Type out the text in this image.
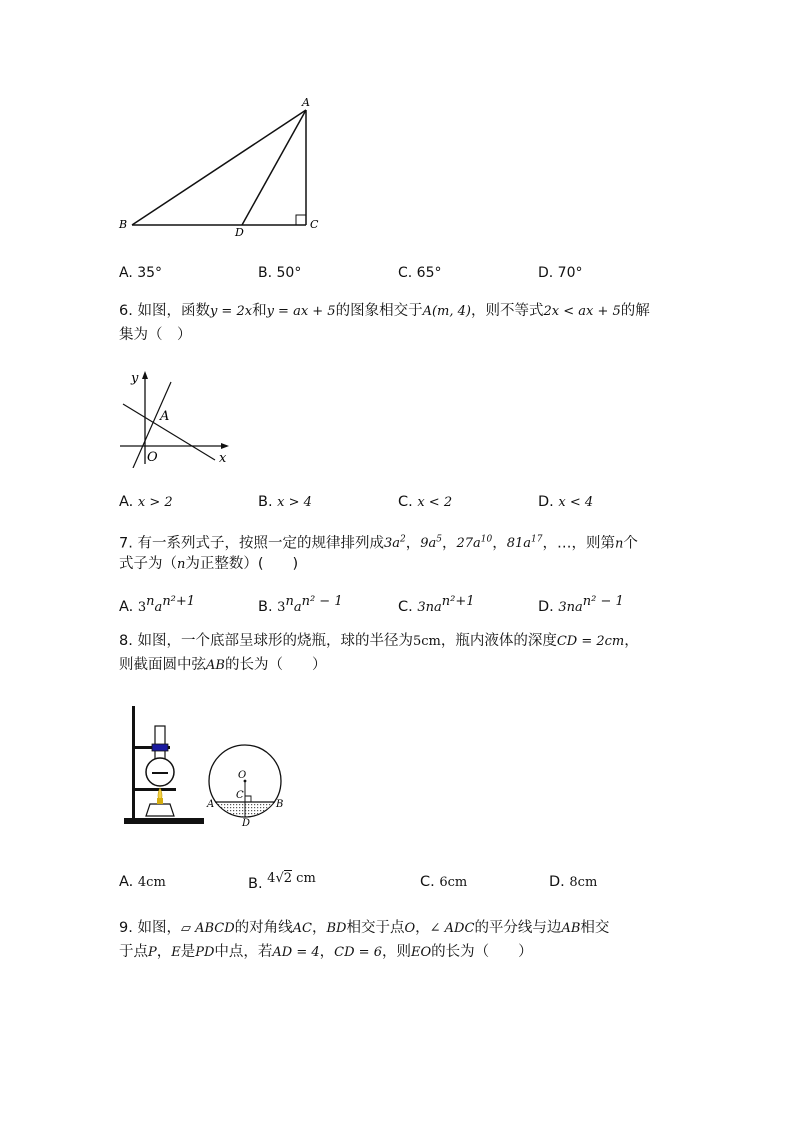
A
B	C
D
A. 35°	B. 50°	C. 65°	D. 70°
6. 如图，函数y = 2x和y = ax + 5的图象相交于A(m, 4)，则不等式2x < ax + 5的解
集为（　）
y
x
O
A
A. x > 2	B. x > 4	C. x < 2	D. x < 4
7. 有一系列式子，按照一定的规律排列成$3a^2$，$9a^5$，$27a^{10}$，$81a^{17}$，…，则第n个
式子为（n为正整数）(　　)
A. $3^na^{n^2+1}$	B. $3^na^{n^2 - 1}$	C. $3na^{n^2+1}$	D. $3na^{n^2 - 1}$
8. 如图，一个底部呈球形的烧瓶，球的半径为5cm，瓶内液体的深度CD = 2cm，
则截面圆中弦AB的长为（　　）
O
C
A	B
D
A. 4cm	B. 4√2 cm	C. 6cm	D. 8cm
9. 如图，▱ ABCD的对角线AC，BD相交于点O，∠ ADC的平分线与边AB相交
于点P，E是PD中点，若AD = 4，CD = 6，则EO的长为（　　）
